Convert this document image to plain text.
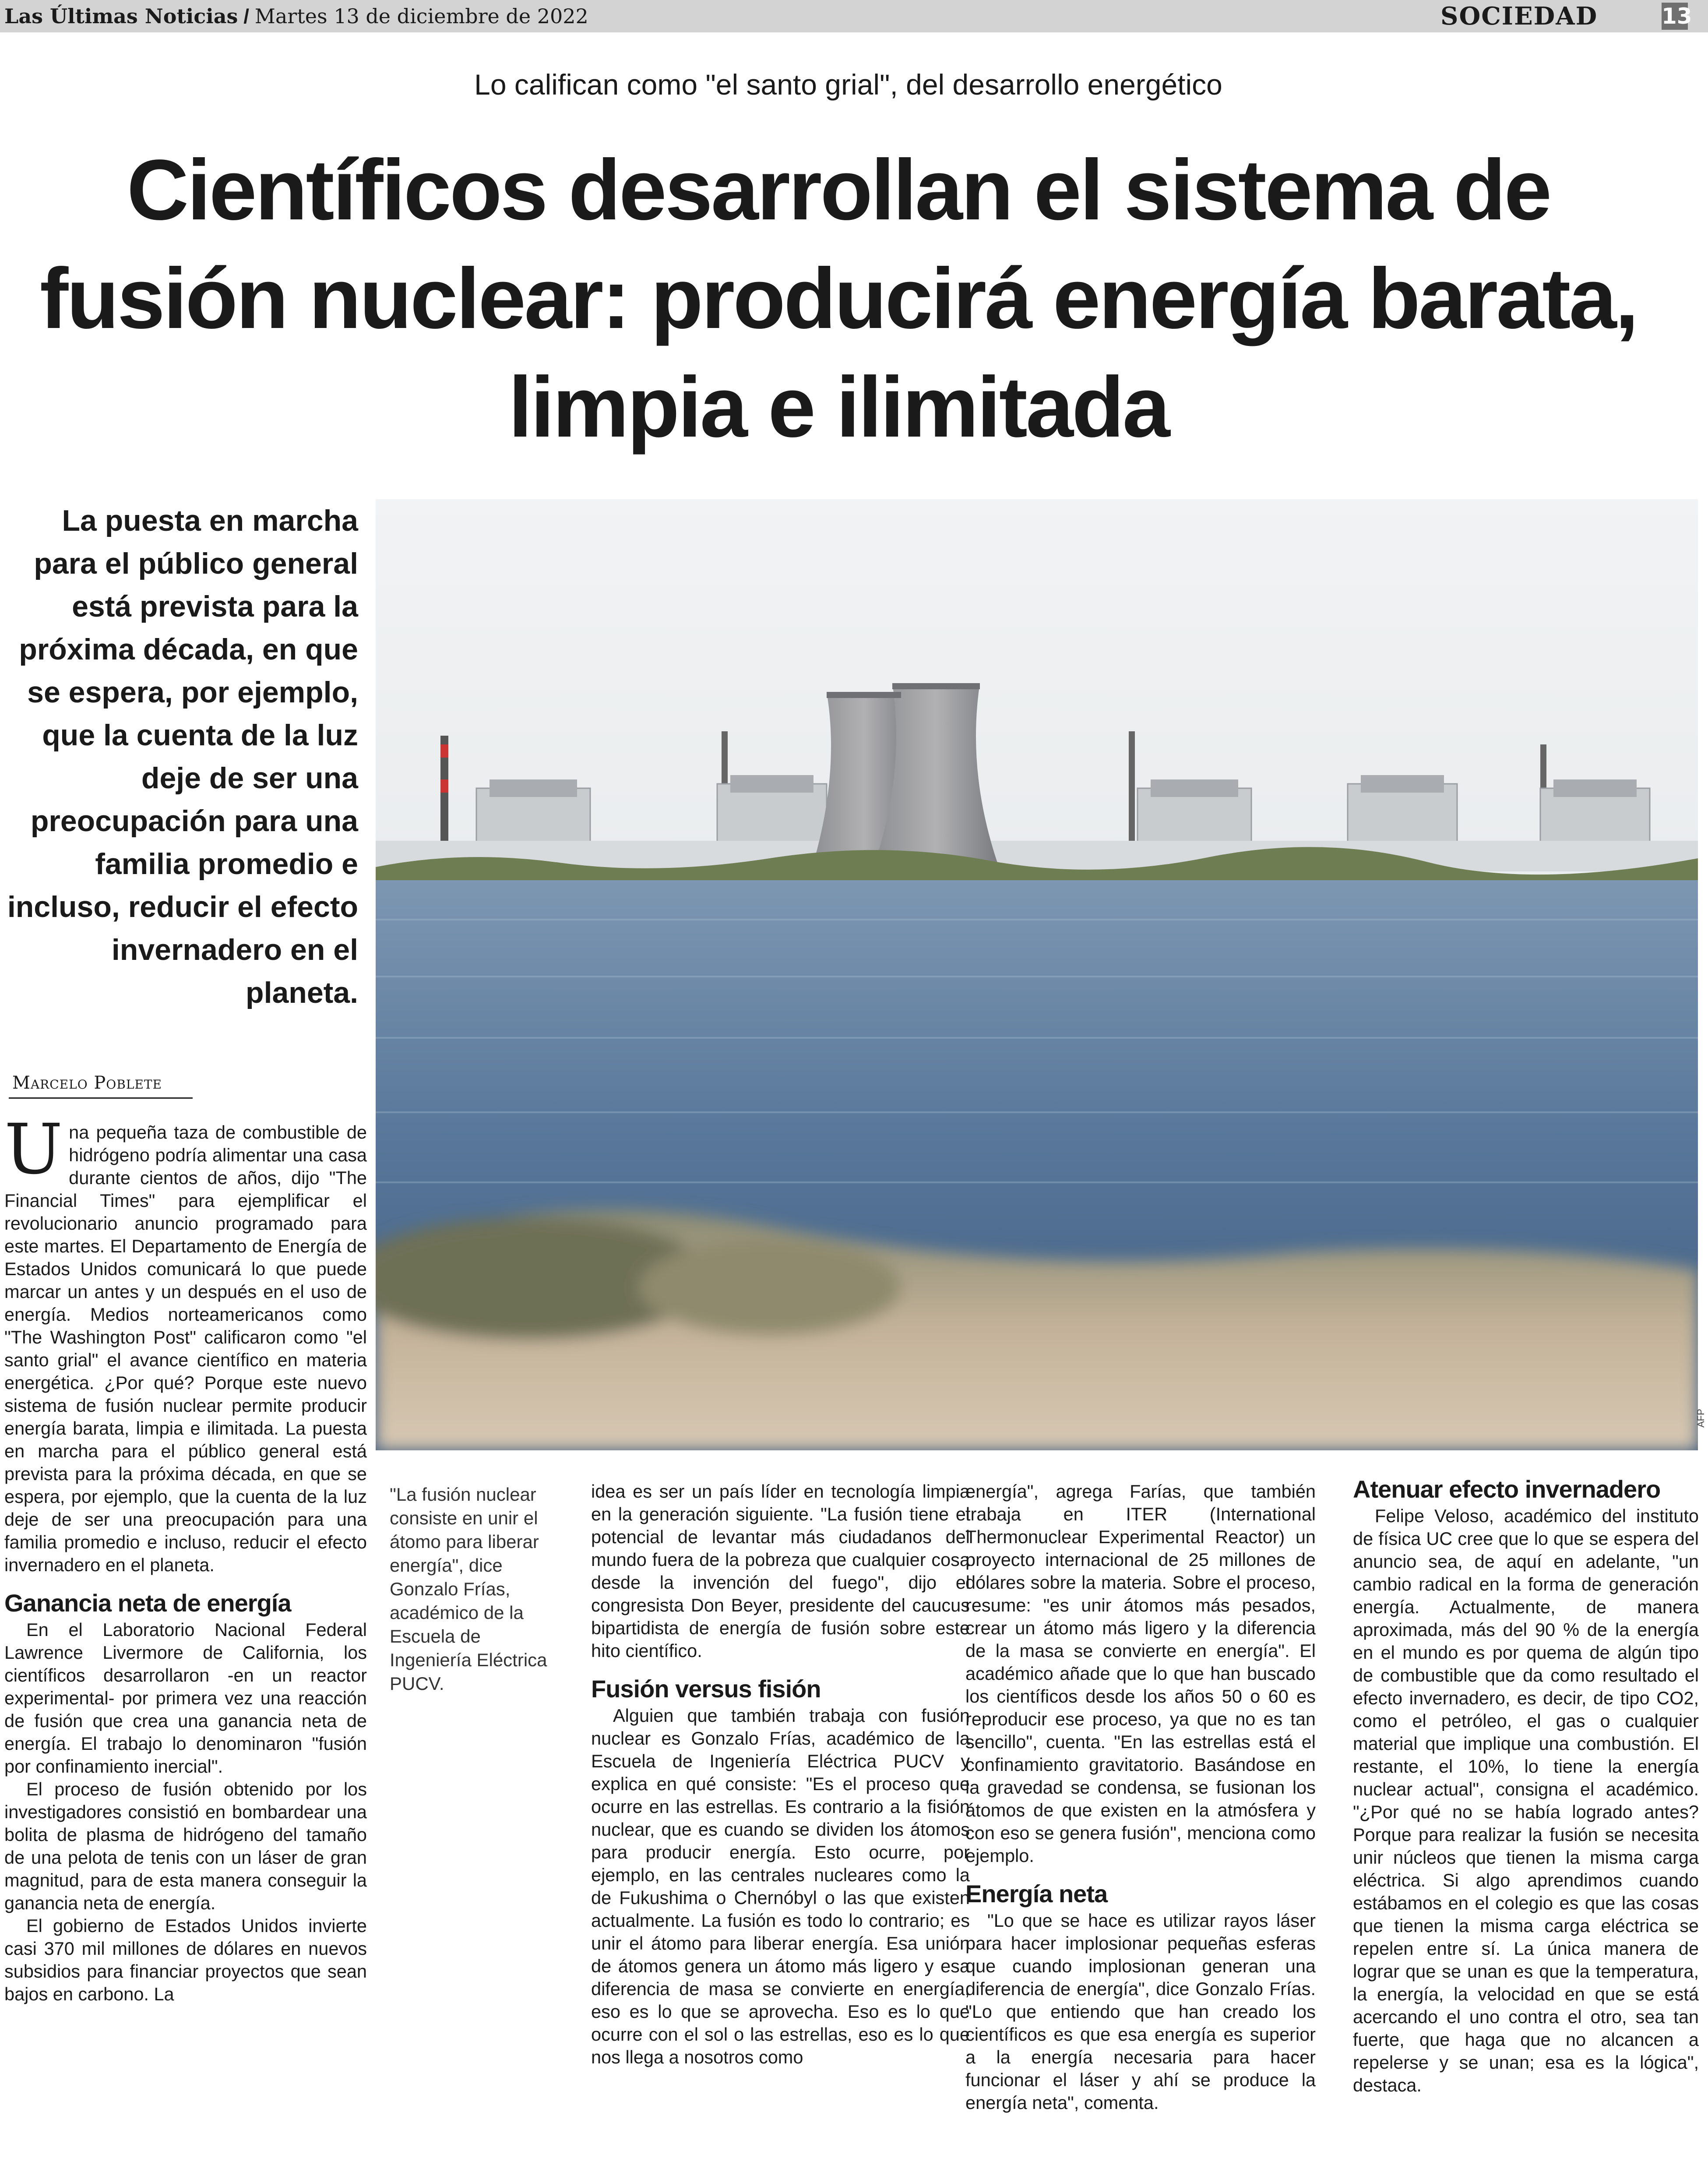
Las Últimas Noticias / Martes 13 de diciembre de 2022	SOCIEDAD	13
AFP
Lo califican como "el santo grial", del desarrollo energético
Científicos desarrollan el sistema de fusión nuclear: producirá energía barata, limpia e ilimitada

La puesta en marcha para el público general está prevista para la próxima década, en que se espera, por ejemplo, que la cuenta de la luz deje de ser una preocupación para una familia promedio e incluso, reducir el efecto invernadero en el planeta.

Marcelo Poblete

Una pequeña taza de combustible de hidrógeno podría alimentar una casa durante cientos de años, dijo "The Financial Times" para ejemplificar el revolucionario anuncio programado para este martes. El Departamento de Energía de Estados Unidos comunicará lo que puede marcar un antes y un después en el uso de energía. Medios norteamericanos como "The Washington Post" calificaron como "el santo grial" el avance científico en materia energética. ¿Por qué? Porque este nuevo sistema de fusión nuclear permite producir energía barata, limpia e ilimitada. La puesta en marcha para el público general está prevista para la próxima década, en que se espera, por ejemplo, que la cuenta de la luz deje de ser una preocupación para una familia promedio e incluso, reducir el efecto invernadero en el planeta.

Ganancia neta de energía

En el Laboratorio Nacional Federal Lawrence Livermore de California, los científicos desarrollaron -en un reactor experimental- por primera vez una reacción de fusión que crea una ganancia neta de energía. El trabajo lo denominaron "fusión por confinamiento inercial".

El proceso de fusión obtenido por los investigadores consistió en bombardear una bolita de plasma de hidrógeno del tamaño de una pelota de tenis con un láser de gran magnitud, para de esta manera conseguir la ganancia neta de energía.

El gobierno de Estados Unidos invierte casi 370 mil millones de dólares en nuevos subsidios para financiar proyectos que sean bajos en carbono. La

"La fusión nuclear consiste en unir el átomo para liberar energía", dice Gonzalo Frías, académico de la Escuela de Ingeniería Eléctrica PUCV.

idea es ser un país líder en tecnología limpia en la generación siguiente. "La fusión tiene el potencial de levantar más ciudadanos del mundo fuera de la pobreza que cualquier cosa desde la invención del fuego", dijo el congresista Don Beyer, presidente del caucus bipartidista de energía de fusión sobre este hito científico.

Fusión versus fisión

Alguien que también trabaja con fusión nuclear es Gonzalo Frías, académico de la Escuela de Ingeniería Eléctrica PUCV y explica en qué consiste: "Es el proceso que ocurre en las estrellas. Es contrario a la fisión nuclear, que es cuando se dividen los átomos para producir energía. Esto ocurre, por ejemplo, en las centrales nucleares como la de Fukushima o Chernóbyl o las que existen actualmente. La fusión es todo lo contrario; es unir el átomo para liberar energía. Esa unión de átomos genera un átomo más ligero y esa diferencia de masa se convierte en energía, eso es lo que se aprovecha. Eso es lo que ocurre con el sol o las estrellas, eso es lo que nos llega a nosotros como

energía", agrega Farías, que también trabaja en ITER (International Thermonuclear Experimental Reactor) un proyecto internacional de 25 millones de dólares sobre la materia. Sobre el proceso, resume: "es unir átomos más pesados, crear un átomo más ligero y la diferencia de la masa se convierte en energía". El académico añade que lo que han buscado los científicos desde los años 50 o 60 es reproducir ese proceso, ya que no es tan sencillo", cuenta. "En las estrellas está el confinamiento gravitatorio. Basándose en la gravedad se condensa, se fusionan los átomos de que existen en la atmósfera y con eso se genera fusión", menciona como ejemplo.

Energía neta

"Lo que se hace es utilizar rayos láser para hacer implosionar pequeñas esferas que cuando implosionan generan una diferencia de energía", dice Gonzalo Frías. "Lo que entiendo que han creado los científicos es que esa energía es superior a la energía necesaria para hacer funcionar el láser y ahí se produce la energía neta", comenta.

Atenuar efecto invernadero

Felipe Veloso, académico del instituto de física UC cree que lo que se espera del anuncio sea, de aquí en adelante, "un cambio radical en la forma de generación energía. Actualmente, de manera aproximada, más del 90 % de la energía en el mundo es por quema de algún tipo de combustible que da como resultado el efecto invernadero, es decir, de tipo CO2, como el petróleo, el gas o cualquier material que implique una combustión. El restante, el 10%, lo tiene la energía nuclear actual", consigna el académico. "¿Por qué no se había logrado antes? Porque para realizar la fusión se necesita unir núcleos que tienen la misma carga eléctrica. Si algo aprendimos cuando estábamos en el colegio es que las cosas que tienen la misma carga eléctrica se repelen entre sí. La única manera de lograr que se unan es que la temperatura, la energía, la velocidad en que se está acercando el uno contra el otro, sea tan fuerte, que haga que no alcancen a repelerse y se unan; esa es la lógica", destaca.
